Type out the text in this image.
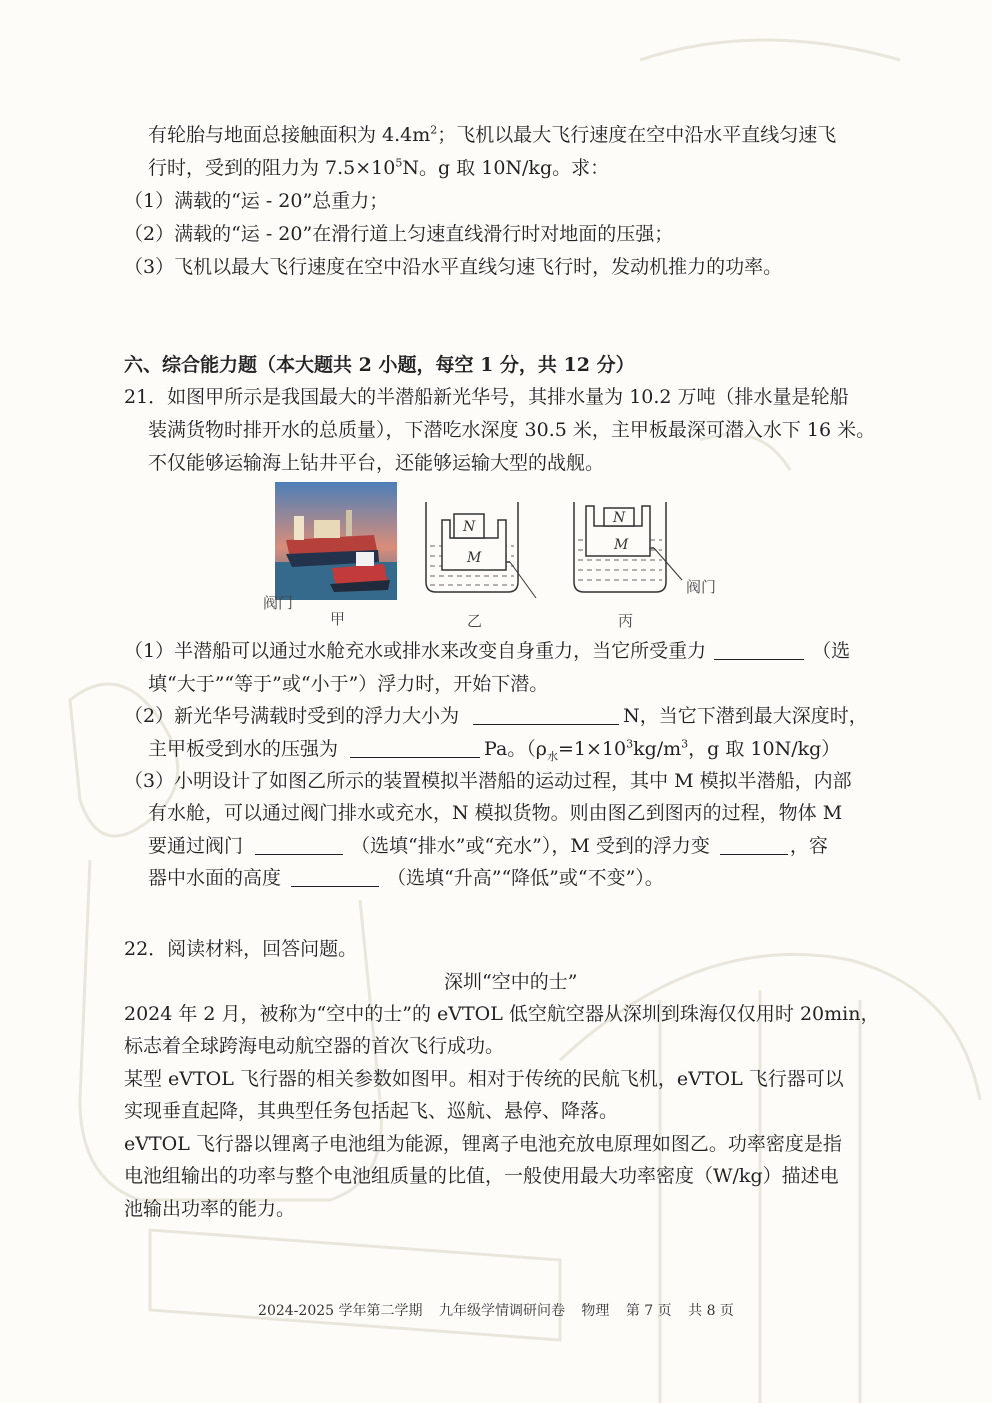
有轮胎与地面总接触面积为 $4.4m^2$；飞机以最大飞行速度在空中沿水平直线匀速飞
行时，受到的阻力为 $7.5\times 10^5N$。g 取 10N/kg。求：
（1）满载的“运 - 20”总重力；
（2）满载的“运 - 20”在滑行道上匀速直线滑行时对地面的压强；
（3）飞机以最大飞行速度在空中沿水平直线匀速飞行时，发动机推力的功率。
六、综合能力题（本大题共 2 小题，每空 1 分，共 12 分）
21．如图甲所示是我国最大的半潜船新光华号，其排水量为 10.2 万吨（排水量是轮船
装满货物时排开水的总质量），下潜吃水深度 30.5 米，主甲板最深可潜入水下 16 米。
不仅能够运输海上钻井平台，还能够运输大型的战舰。
N
M
N
M
阀门
阀门
甲	乙	丙
（1）半潜船可以通过水舱充水或排水来改变自身重力，当它所受重力	（选
填“大于”“等于”或“小于”）浮力时，开始下潜。
（2）新光华号满载时受到的浮力大小为	N，当它下潜到最大深度时，
主甲板受到水的压强为	Pa。（$\rho_水=1\times 10^3kg/m^3$，g 取 10N/kg）
（3）小明设计了如图乙所示的装置模拟半潜船的运动过程，其中 M 模拟半潜船，内部
有水舱，可以通过阀门排水或充水，N 模拟货物。则由图乙到图丙的过程，物体 M
要通过阀门	（选填“排水”或“充水”），M 受到的浮力变	，容
器中水面的高度	（选填“升高”“降低”或“不变”）。
22．阅读材料，回答问题。
深圳“空中的士”
2024 年 2 月，被称为“空中的士”的 eVTOL 低空航空器从深圳到珠海仅仅用时 20min，
标志着全球跨海电动航空器的首次飞行成功。
某型 eVTOL 飞行器的相关参数如图甲。相对于传统的民航飞机，eVTOL 飞行器可以
实现垂直起降，其典型任务包括起飞、巡航、悬停、降落。
eVTOL 飞行器以锂离子电池组为能源，锂离子电池充放电原理如图乙。功率密度是指
电池组输出的功率与整个电池组质量的比值，一般使用最大功率密度（W/kg）描述电
池输出功率的能力。
2024-2025 学年第二学期 九年级学情调研问卷 物理 第 7 页 共 8 页
